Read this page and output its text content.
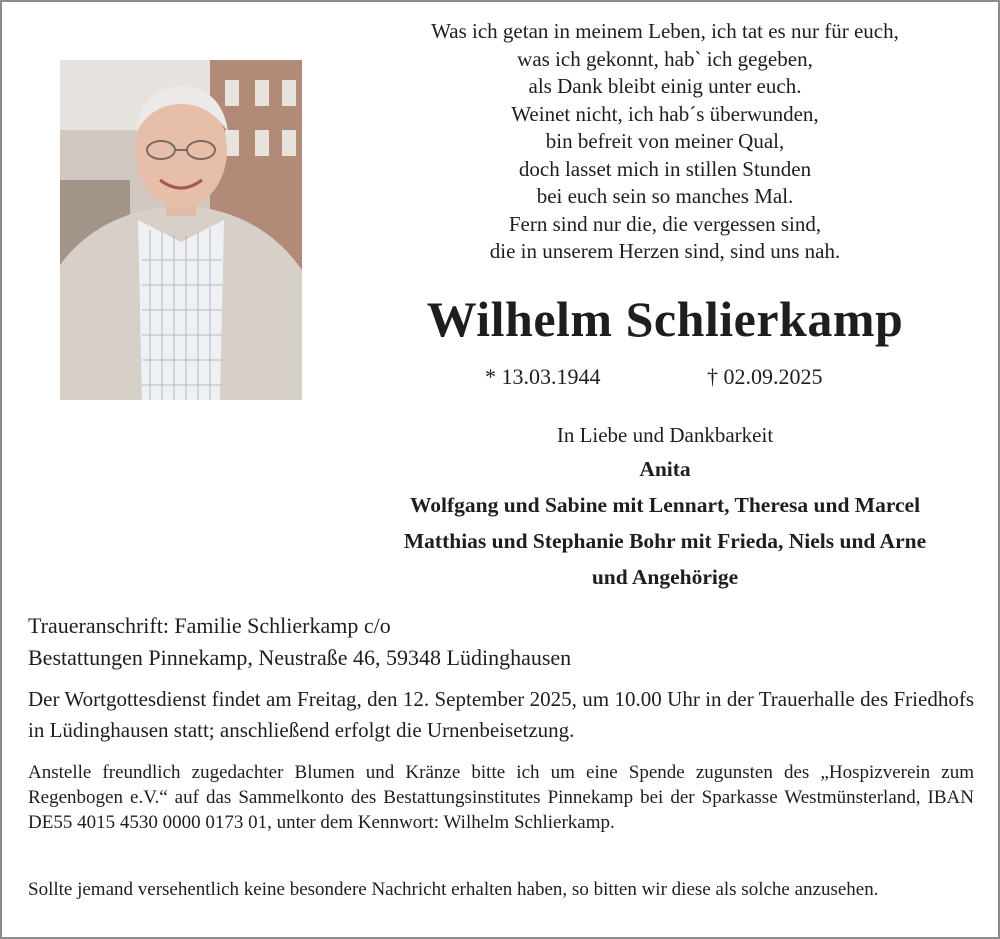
Was ich getan in meinem Leben, ich tat es nur für euch,
was ich gekonnt, hab` ich gegeben,
als Dank bleibt einig unter euch.
Weinet nicht, ich hab´s überwunden,
bin befreit von meiner Qual,
doch lasset mich in stillen Stunden
bei euch sein so manches Mal.
Fern sind nur die, die vergessen sind,
die in unserem Herzen sind, sind uns nah.
Wilhelm Schlierkamp
* 13.03.1944	† 02.09.2025
In Liebe und Dankbarkeit
Anita
Wolfgang und Sabine mit Lennart, Theresa und Marcel
Matthias und Stephanie Bohr mit Frieda, Niels und Arne
und Angehörige
Traueranschrift: Familie Schlierkamp c/o
Bestattungen Pinnekamp, Neustraße 46, 59348 Lüdinghausen
Der Wortgottesdienst findet am Freitag, den 12. September 2025, um 10.00 Uhr in der Trauerhalle des Friedhofs in Lüdinghausen statt; anschließend erfolgt die Urnenbeisetzung.
Anstelle freundlich zugedachter Blumen und Kränze bitte ich um eine Spende zugunsten des „Hospizverein zum Regenbogen e.V.“ auf das Sammelkonto des Bestattungsinstitutes Pinnekamp bei der Sparkasse Westmünsterland, IBAN DE55 4015 4530 0000 0173 01, unter dem Kennwort: Wilhelm Schlierkamp.
Sollte jemand versehentlich keine besondere Nachricht erhalten haben, so bitten wir diese als solche anzusehen.
